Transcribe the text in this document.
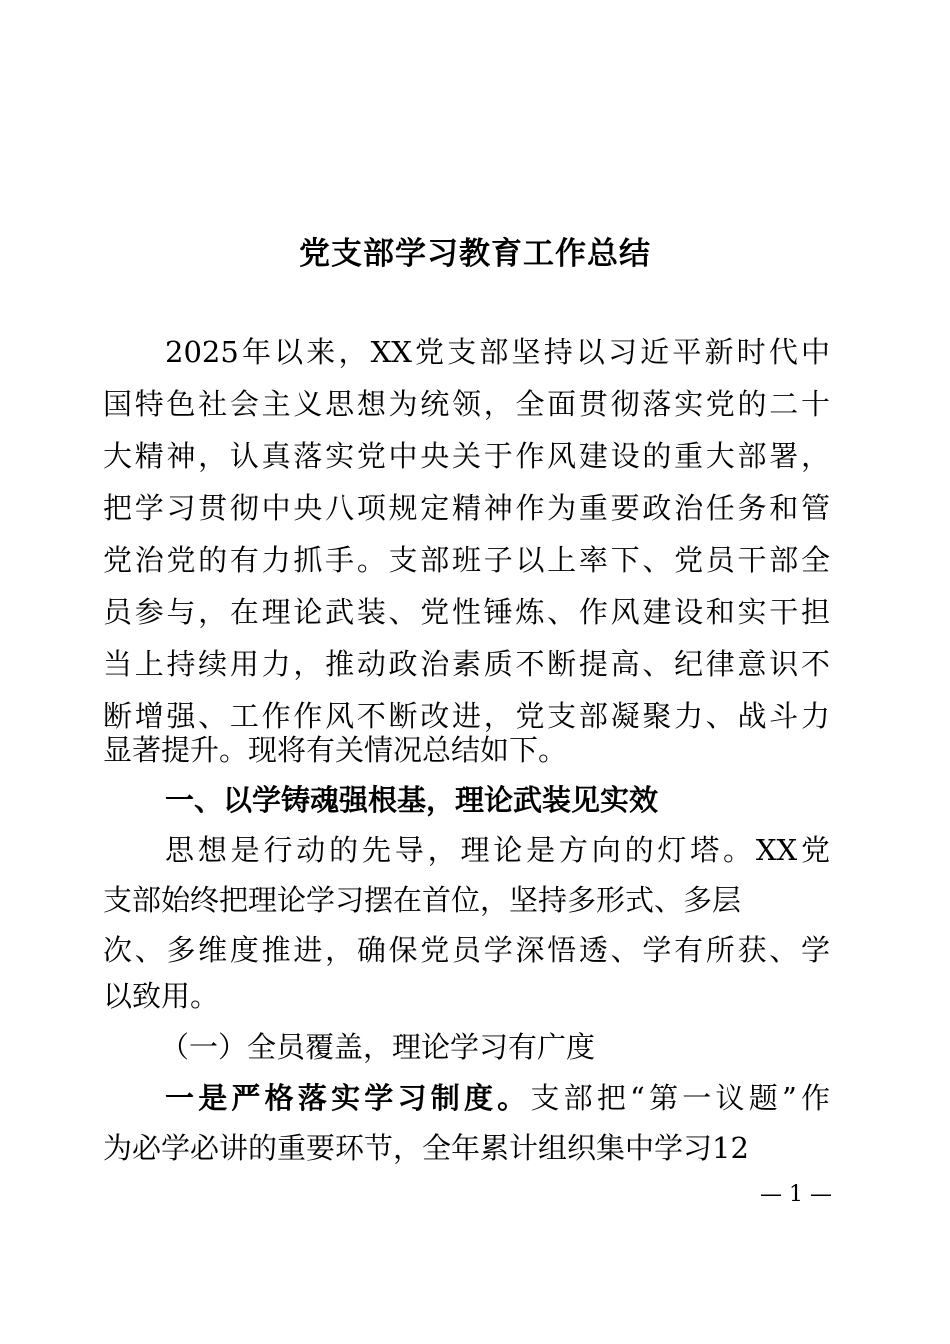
党支部学习教育工作总结
2025年以来，XX党支部坚持以习近平新时代中
国特色社会主义思想为统领，全面贯彻落实党的二十
大精神，认真落实党中央关于作风建设的重大部署，
把学习贯彻中央八项规定精神作为重要政治任务和管
党治党的有力抓手。支部班子以上率下、党员干部全
员参与，在理论武装、党性锤炼、作风建设和实干担
当上持续用力，推动政治素质不断提高、纪律意识不
断增强、工作作风不断改进，党支部凝聚力、战斗力
显著提升。现将有关情况总结如下。
一、以学铸魂强根基，理论武装见实效
思想是行动的先导，理论是方向的灯塔。XX党
支部始终把理论学习摆在首位，坚持多形式、多层
次、多维度推进，确保党员学深悟透、学有所获、学
以致用。
（一）全员覆盖，理论学习有广度
一是严格落实学习制度。支部把“第一议题”作
为必学必讲的重要环节，全年累计组织集中学习12
— 1 —
